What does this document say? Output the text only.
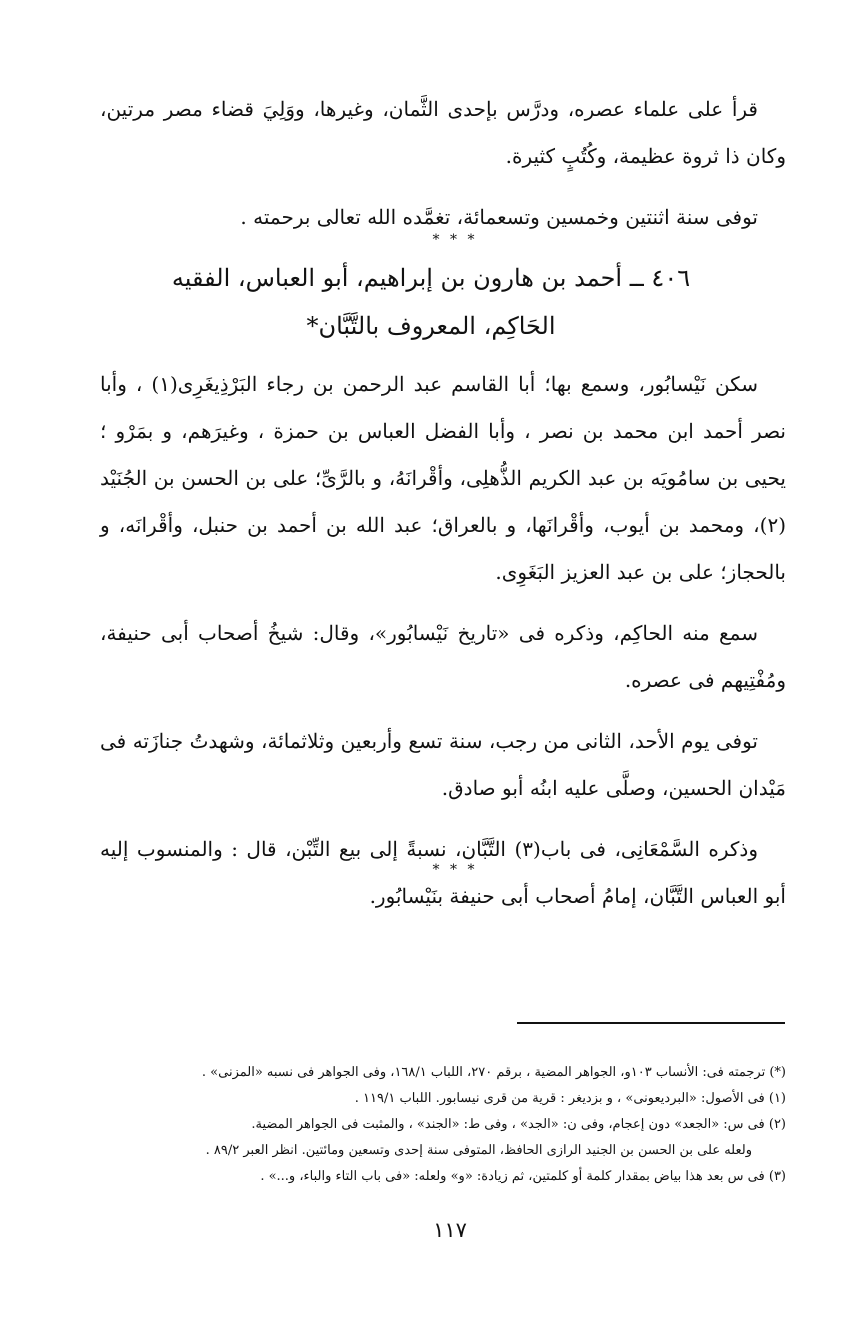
قرأ على علماء عصره، ودرَّس بإحدى الثَّمان، وغيرها، ووَلِيَ قضاء مصر مرتين، وكان ذا ثروة عظيمة، وكُتُبٍ كثيرة.

توفى سنة اثنتين وخمسين وتسعمائة، تغمَّده الله تعالى برحمته .

* * *
٤٠٦ ــ أحمد بن هارون بن إبراهيم، أبو العباس، الفقيه
الحَاكِم، المعروف بالتَّبَّان*

سكن نَيْسابُور، وسمع بها؛ أبا القاسم عبد الرحمن بن رجاء البَرْذِيغَرِى(١) ، وأبا نصر أحمد ابن محمد بن نصر ، وأبا الفضل العباس بن حمزة ، وغيرَهم، و بمَرْو ؛ يحيى بن سامُويَه بن عبد الكريم الذُّهلِى، وأقْرانَهُ، و بالرَّىِّ؛ على بن الحسن بن الجُنَيْد (٢)، ومحمد بن أيوب، وأقْرانَها، و بالعراق؛ عبد الله بن أحمد بن حنبل، وأقْرانَه، و بالحجاز؛ على بن عبد العزيز البَغَوِى.

سمع منه الحاكِم، وذكره فى «تاريخ نَيْسابُور»، وقال: شيخُ أصحاب أبى حنيفة، ومُفْتِيهم فى عصره.

توفى يوم الأحد، الثانى من رجب، سنة تسع وأربعين وثلاثمائة، وشهدتُ جنازَته فى مَيْدان الحسين، وصلَّى عليه ابنُه أبو صادق.

وذكره السَّمْعَانِى، فى باب(٣) التَّبَّان، نسبةً إلى بيع التِّبْن، قال : والمنسوب إليه أبو العباس التَّبَّان، إمامُ أصحاب أبى حنيفة بنَيْسابُور.

* * *
(*) ترجمته فى: الأنساب ١٠٣و، الجواهر المضية ، برقم ٢٧٠، اللباب ١٦٨/١، وفى الجواهر فى نسبه «المزنى» .
(١) فى الأصول: «البرديعونى» ، و بزديغر : قرية من قرى نيسابور. اللباب ١١٩/١ .
(٢) فى س: «الجعد» دون إعجام، وفى ن: «الجد» ، وفى ط: «الجند» ، والمثبت فى الجواهر المضية.
ولعله على بن الحسن بن الجنيد الرازى الحافظ، المتوفى سنة إحدى وتسعين ومائتين. انظر العبر ٨٩/٢ .
(٣) فى س بعد هذا بياض بمقدار كلمة أو كلمتين، ثم زيادة: «و» ولعله: «فى باب التاء والباء، و...» .
١١٧
